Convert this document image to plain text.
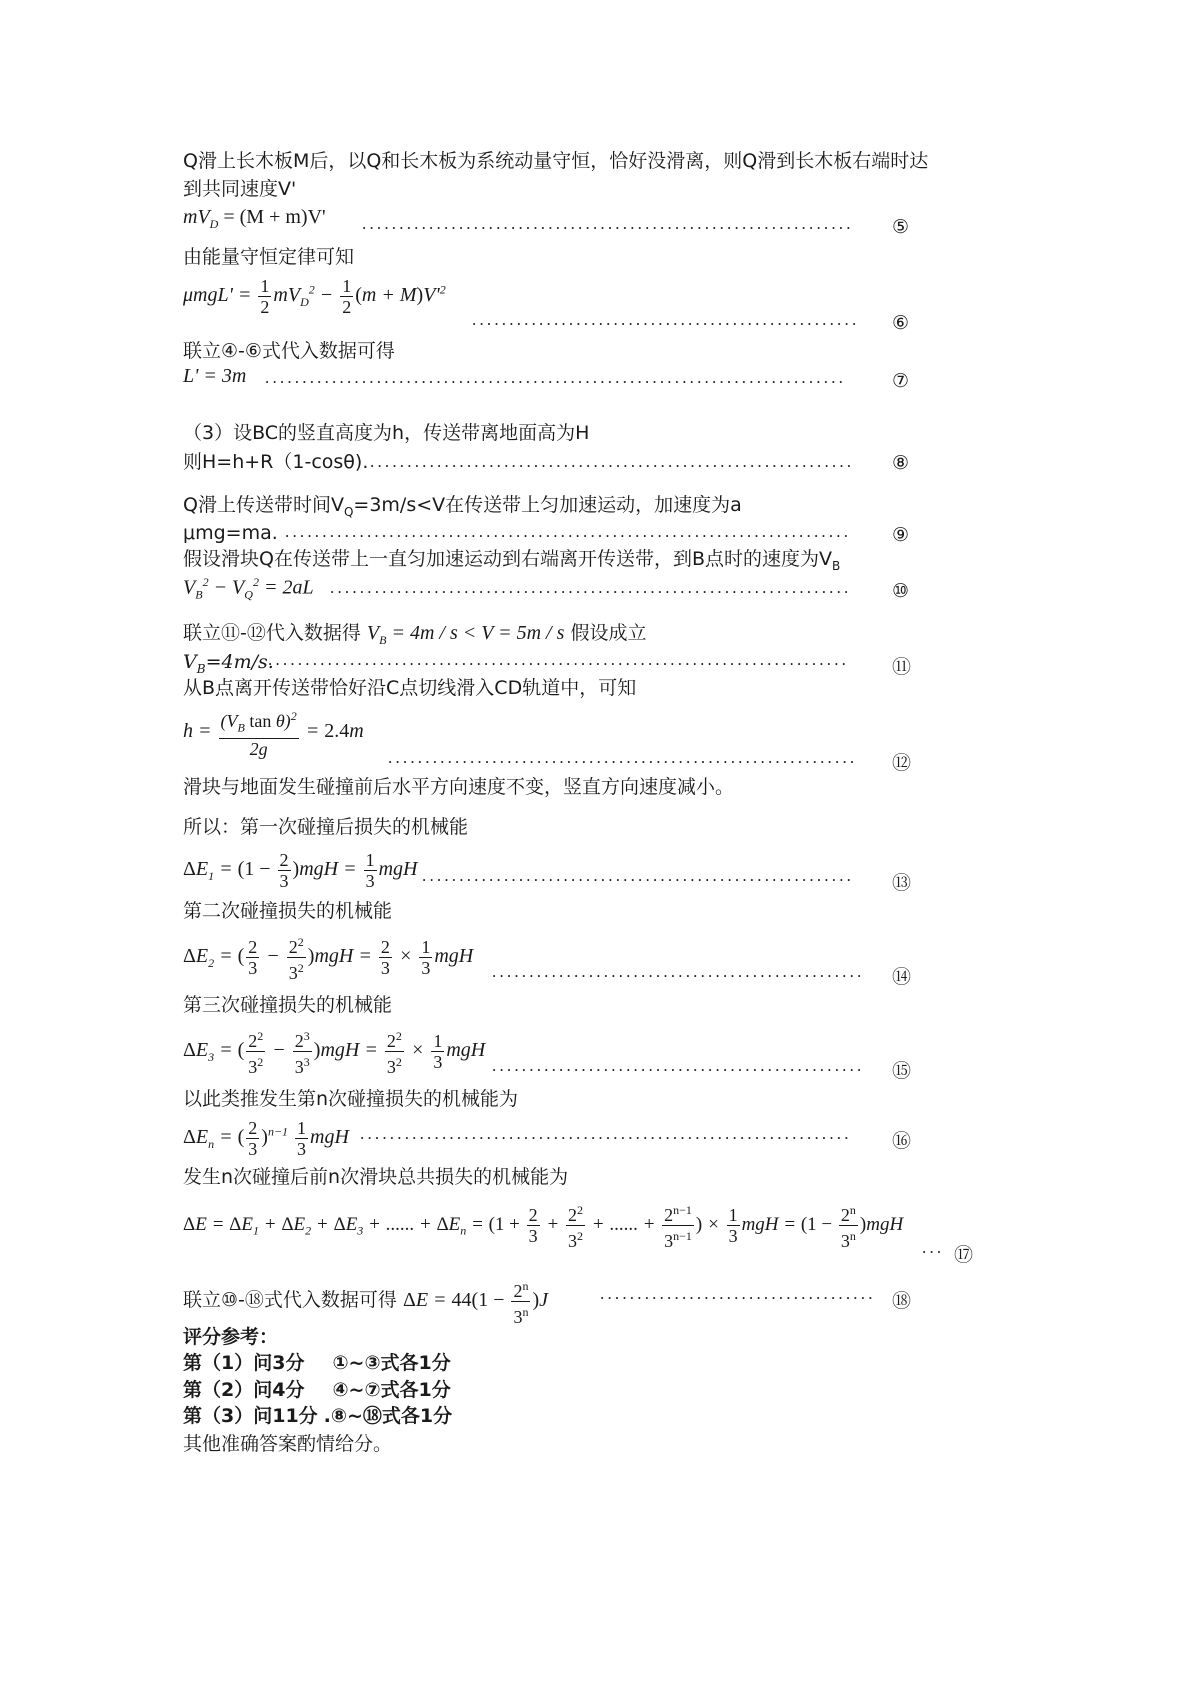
Q滑上长木板M后，以Q和长木板为系统动量守恒，恰好没滑离，则Q滑到长木板右端时达
到共同速度V'
$mV_D = (M + m)V'$ ..................................................................	⑤
由能量守恒定律可知
$\mu mgL' = \frac{1}{2} mV_D^2 - \frac{1}{2} (m + M)V'^2$
....................................................	⑥
联立④-⑥式代入数据可得
L' = 3m ..............................................................................	⑦
（3）设BC的竖直高度为h，传送带离地面高为H
则H=h+R（1-cosθ). .................................................................	⑧
Q滑上传送带时间$V_Q=3m/s<V$在传送带上匀加速运动，加速度为a
μmg=ma. ............................................................................	⑨
假设滑块Q在传送带上一直匀加速运动到右端离开传送带，到B点时的速度为$V_B$
$V_B^2 - V_Q^2 = 2aL$ ......................................................................	⑩
联立⑪-⑫代入数据得 $V_B = 4m / s < V = 5m / s$ 假设成立
$V_B=4m/s$.
..............................................................................	⑪
从B点离开传送带恰好沿C点切线滑入CD轨道中，可知
$h = \frac{(V_B \tan \theta)^2}{2g} = 2.4m$
...............................................................	⑫
滑块与地面发生碰撞前后水平方向速度不变，竖直方向速度减小。
所以：第一次碰撞后损失的机械能
$\Delta E_1 = (1 - \frac{2}{3} )mgH = \frac{1}{3}$ mgH ..........................................................	⑬
第二次碰撞损失的机械能
$\Delta E_2$ = ( $\frac{2}{3} - \frac{2^2}{3^2} )mgH = \frac{2}{3} \times \frac{1}{3}$ mgH
..................................................	⑭
第三次碰撞损失的机械能
$\Delta E_3$ = ( $\frac{2^2}{3^2} - \frac{2^3}{3^3} )mgH = \frac{2^2}{3^2} \times \frac{1}{3}$ mgH
..................................................	⑮
以此类推发生第n次碰撞损失的机械能为
$\Delta E_n$ = ( $\frac{2}{3} )^{n-1} \frac{1}{3}$ mgH ..................................................................	⑯
发生n次碰撞后前n次滑块总共损失的机械能为
$\Delta E = \Delta E_1 + \Delta E_2 + \Delta E_3$ + ...... + $\Delta E_n = (1 + \frac{2}{3} + \frac{2^2}{3^2}$ + ...... + $\frac{2^{n-1}}{3^{n-1}}$ ) × $\frac{1}{3}$ mgH = $(1 - \frac{2^n}{3^n} )mgH$
... ⑰
联立⑩-⑱式代入数据可得 $\Delta E = 44(1 - \frac{2^n}{3^n} )J$	..................................... ⑱
评分参考：
第（1）问3分 ①~③式各1分
第（2）问4分 ④~⑦式各1分
第（3）问11分 .⑧~⑱式各1分
其他准确答案酌情给分。
